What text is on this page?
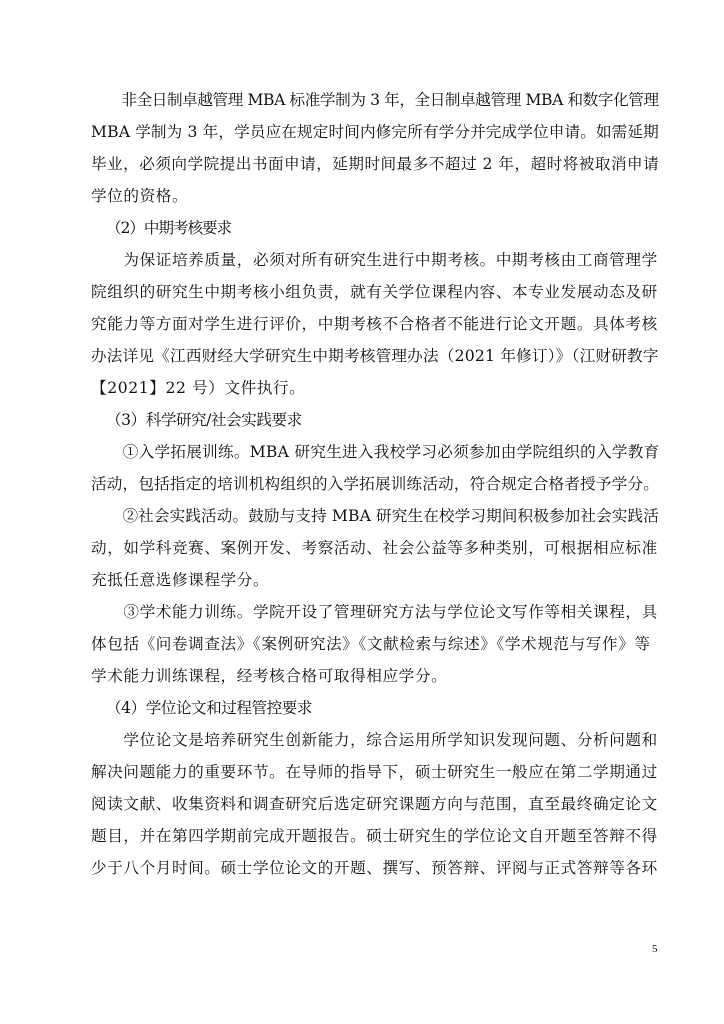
　　非全日制卓越管理 MBA 标准学制为 3 年，全日制卓越管理 MBA 和数字化管理
MBA 学制为 3 年，学员应在规定时间内修完所有学分并完成学位申请。如需延期
毕业，必须向学院提出书面申请，延期时间最多不超过 2 年，超时将被取消申请
学位的资格。

（2）中期考核要求

　　为保证培养质量，必须对所有研究生进行中期考核。中期考核由工商管理学
院组织的研究生中期考核小组负责，就有关学位课程内容、本专业发展动态及研
究能力等方面对学生进行评价，中期考核不合格者不能进行论文开题。具体考核
办法详见《江西财经大学研究生中期考核管理办法（2021 年修订）》（江财研教字
【2021】22 号）文件执行。

（3）科学研究/社会实践要求

　　①入学拓展训练。MBA 研究生进入我校学习必须参加由学院组织的入学教育
活动，包括指定的培训机构组织的入学拓展训练活动，符合规定合格者授予学分。

　　②社会实践活动。鼓励与支持 MBA 研究生在校学习期间积极参加社会实践活
动，如学科竞赛、案例开发、考察活动、社会公益等多种类别，可根据相应标准
充抵任意选修课程学分。

　　③学术能力训练。学院开设了管理研究方法与学位论文写作等相关课程，具
体包括《问卷调查法》《案例研究法》《文献检索与综述》《学术规范与写作》等
学术能力训练课程，经考核合格可取得相应学分。

（4）学位论文和过程管控要求

　　学位论文是培养研究生创新能力，综合运用所学知识发现问题、分析问题和
解决问题能力的重要环节。在导师的指导下，硕士研究生一般应在第二学期通过
阅读文献、收集资料和调查研究后选定研究课题方向与范围，直至最终确定论文
题目，并在第四学期前完成开题报告。硕士研究生的学位论文自开题至答辩不得
少于八个月时间。硕士学位论文的开题、撰写、预答辩、评阅与正式答辩等各环

5
